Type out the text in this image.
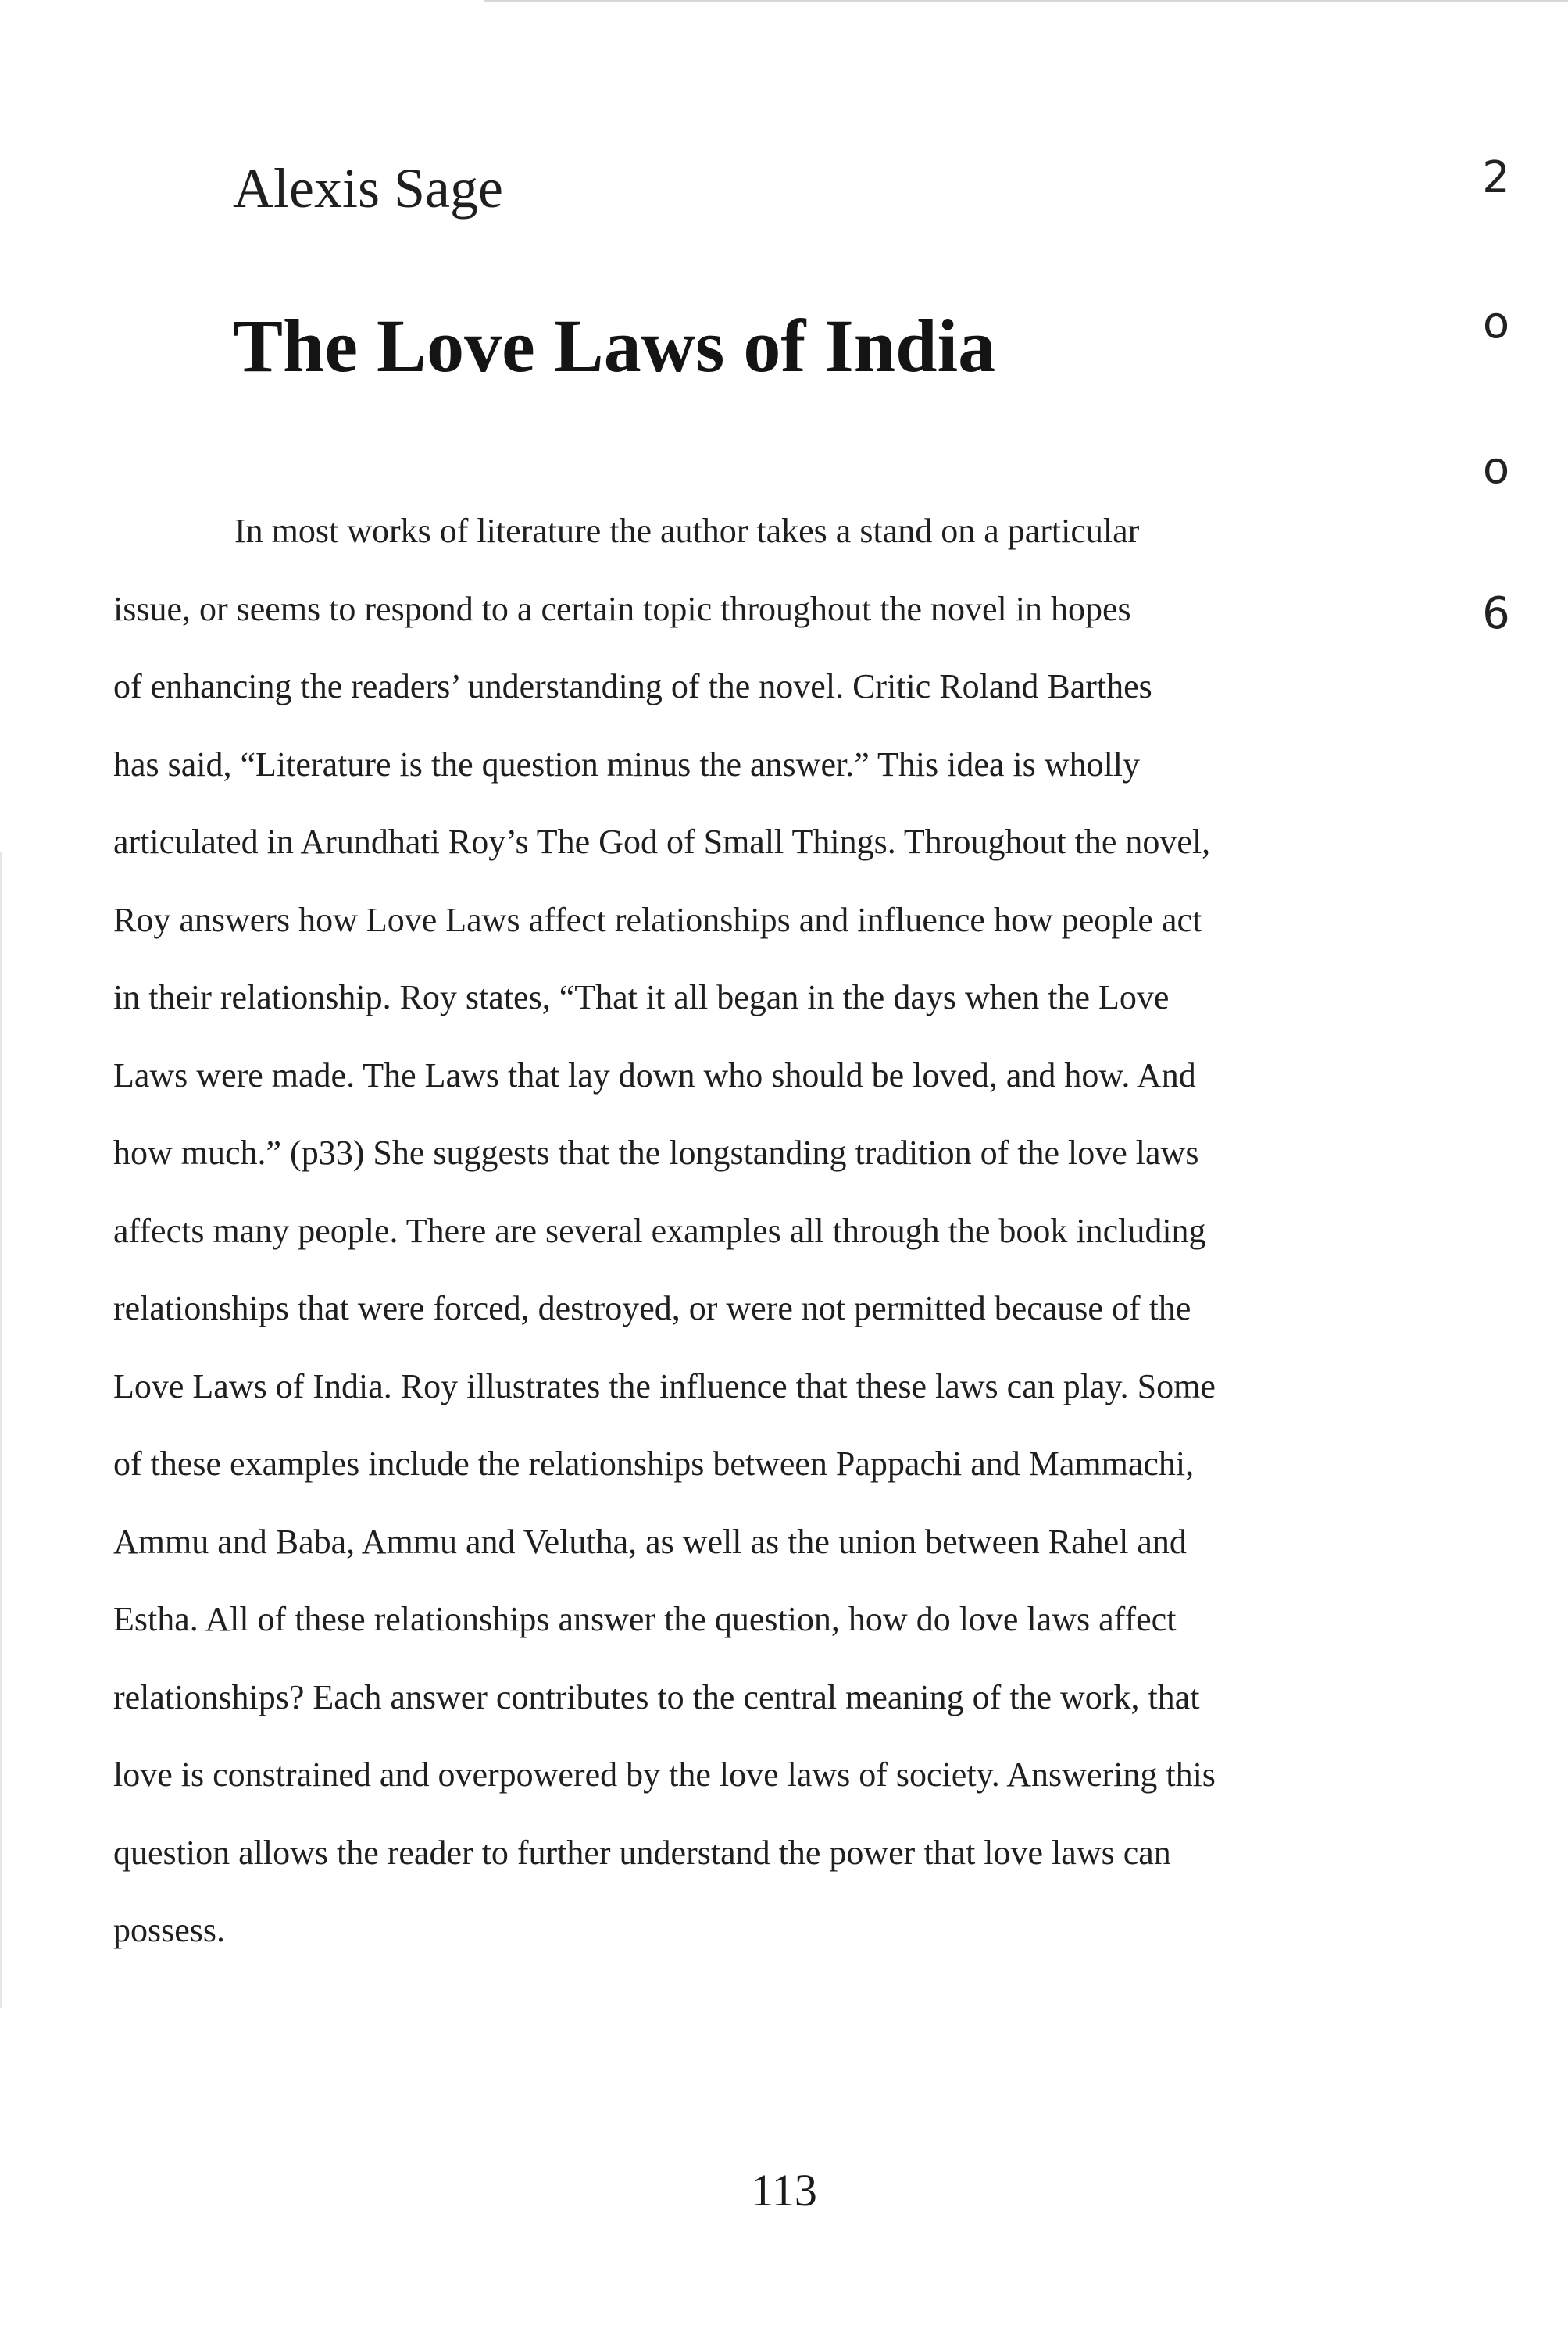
Alexis Sage
The Love Laws of India
2
o
o
6
In most works of literature the author takes a stand on a particular
issue, or seems to respond to a certain topic throughout the novel in hopes
of enhancing the readers’ understanding of the novel. Critic Roland Barthes
has said, “Literature is the question minus the answer.” This idea is wholly
articulated in Arundhati Roy’s The God of Small Things. Throughout the novel,
Roy answers how Love Laws affect relationships and influence how people act
in their relationship. Roy states, “That it all began in the days when the Love
Laws were made. The Laws that lay down who should be loved, and how. And
how much.” (p33) She suggests that the longstanding tradition of the love laws
affects many people. There are several examples all through the book including
relationships that were forced, destroyed, or were not permitted because of the
Love Laws of India. Roy illustrates the influence that these laws can play. Some
of these examples include the relationships between Pappachi and Mammachi,
Ammu and Baba, Ammu and Velutha, as well as the union between Rahel and
Estha. All of these relationships answer the question, how do love laws affect
relationships? Each answer contributes to the central meaning of the work, that
love is constrained and overpowered by the love laws of society. Answering this
question allows the reader to further understand the power that love laws can
possess.
113
